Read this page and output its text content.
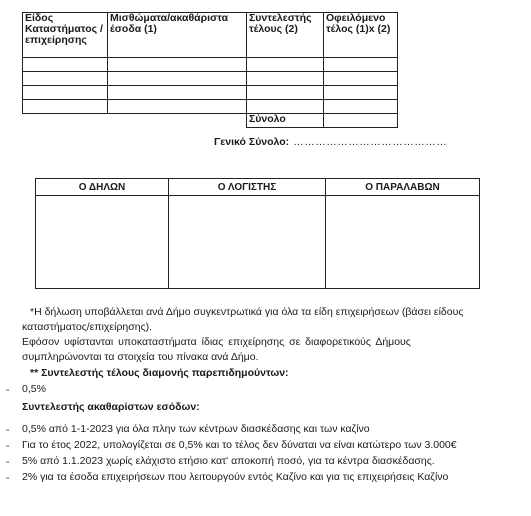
Είδος Καταστήματος /επιχείρησης	Μισθώματα/ακαθάριστα έσοδα (1)	Συντελεστής τέλους (2)	Οφειλόμενο τέλος (1)x (2)

		Σύνολο	
Γενικό Σύνολο: ……………………………………
Ο ΔΗΛΩΝ	Ο ΛΟΓΙΣΤΗΣ	Ο ΠΑΡΑΛΑΒΩΝ

*Η δήλωση υποβάλλεται ανά Δήμο συγκεντρωτικά για όλα τα είδη επιχειρήσεων (βάσει είδους
καταστήματος/επιχείρησης).
Εφόσον υφίστανται υποκαταστήματα ίδιας επιχείρησης σε διαφορετικούς Δήμους
συμπληρώνονται τα στοιχεία του πίνακα ανά Δήμο.
** Συντελεστής τέλους διαμονής παρεπιδημούντων:
- 0,5%
Συντελεστής ακαθαρίστων εσόδων:
- 0,5% από 1-1-2023 για όλα πλην των κέντρων διασκέδασης και των καζίνο
- Για το έτος 2022, υπολογίζεται σε 0,5% και το τέλος δεν δύναται να είναι κατώτερο των 3.000€
- 5% από 1.1.2023 χωρίς ελάχιστο ετήσιο κατ' αποκοπή ποσό, για τα κέντρα διασκέδασης.
- 2% για τα έσοδα επιχειρήσεων που λειτουργούν εντός Καζίνο και για τις επιχειρήσεις Καζίνο
